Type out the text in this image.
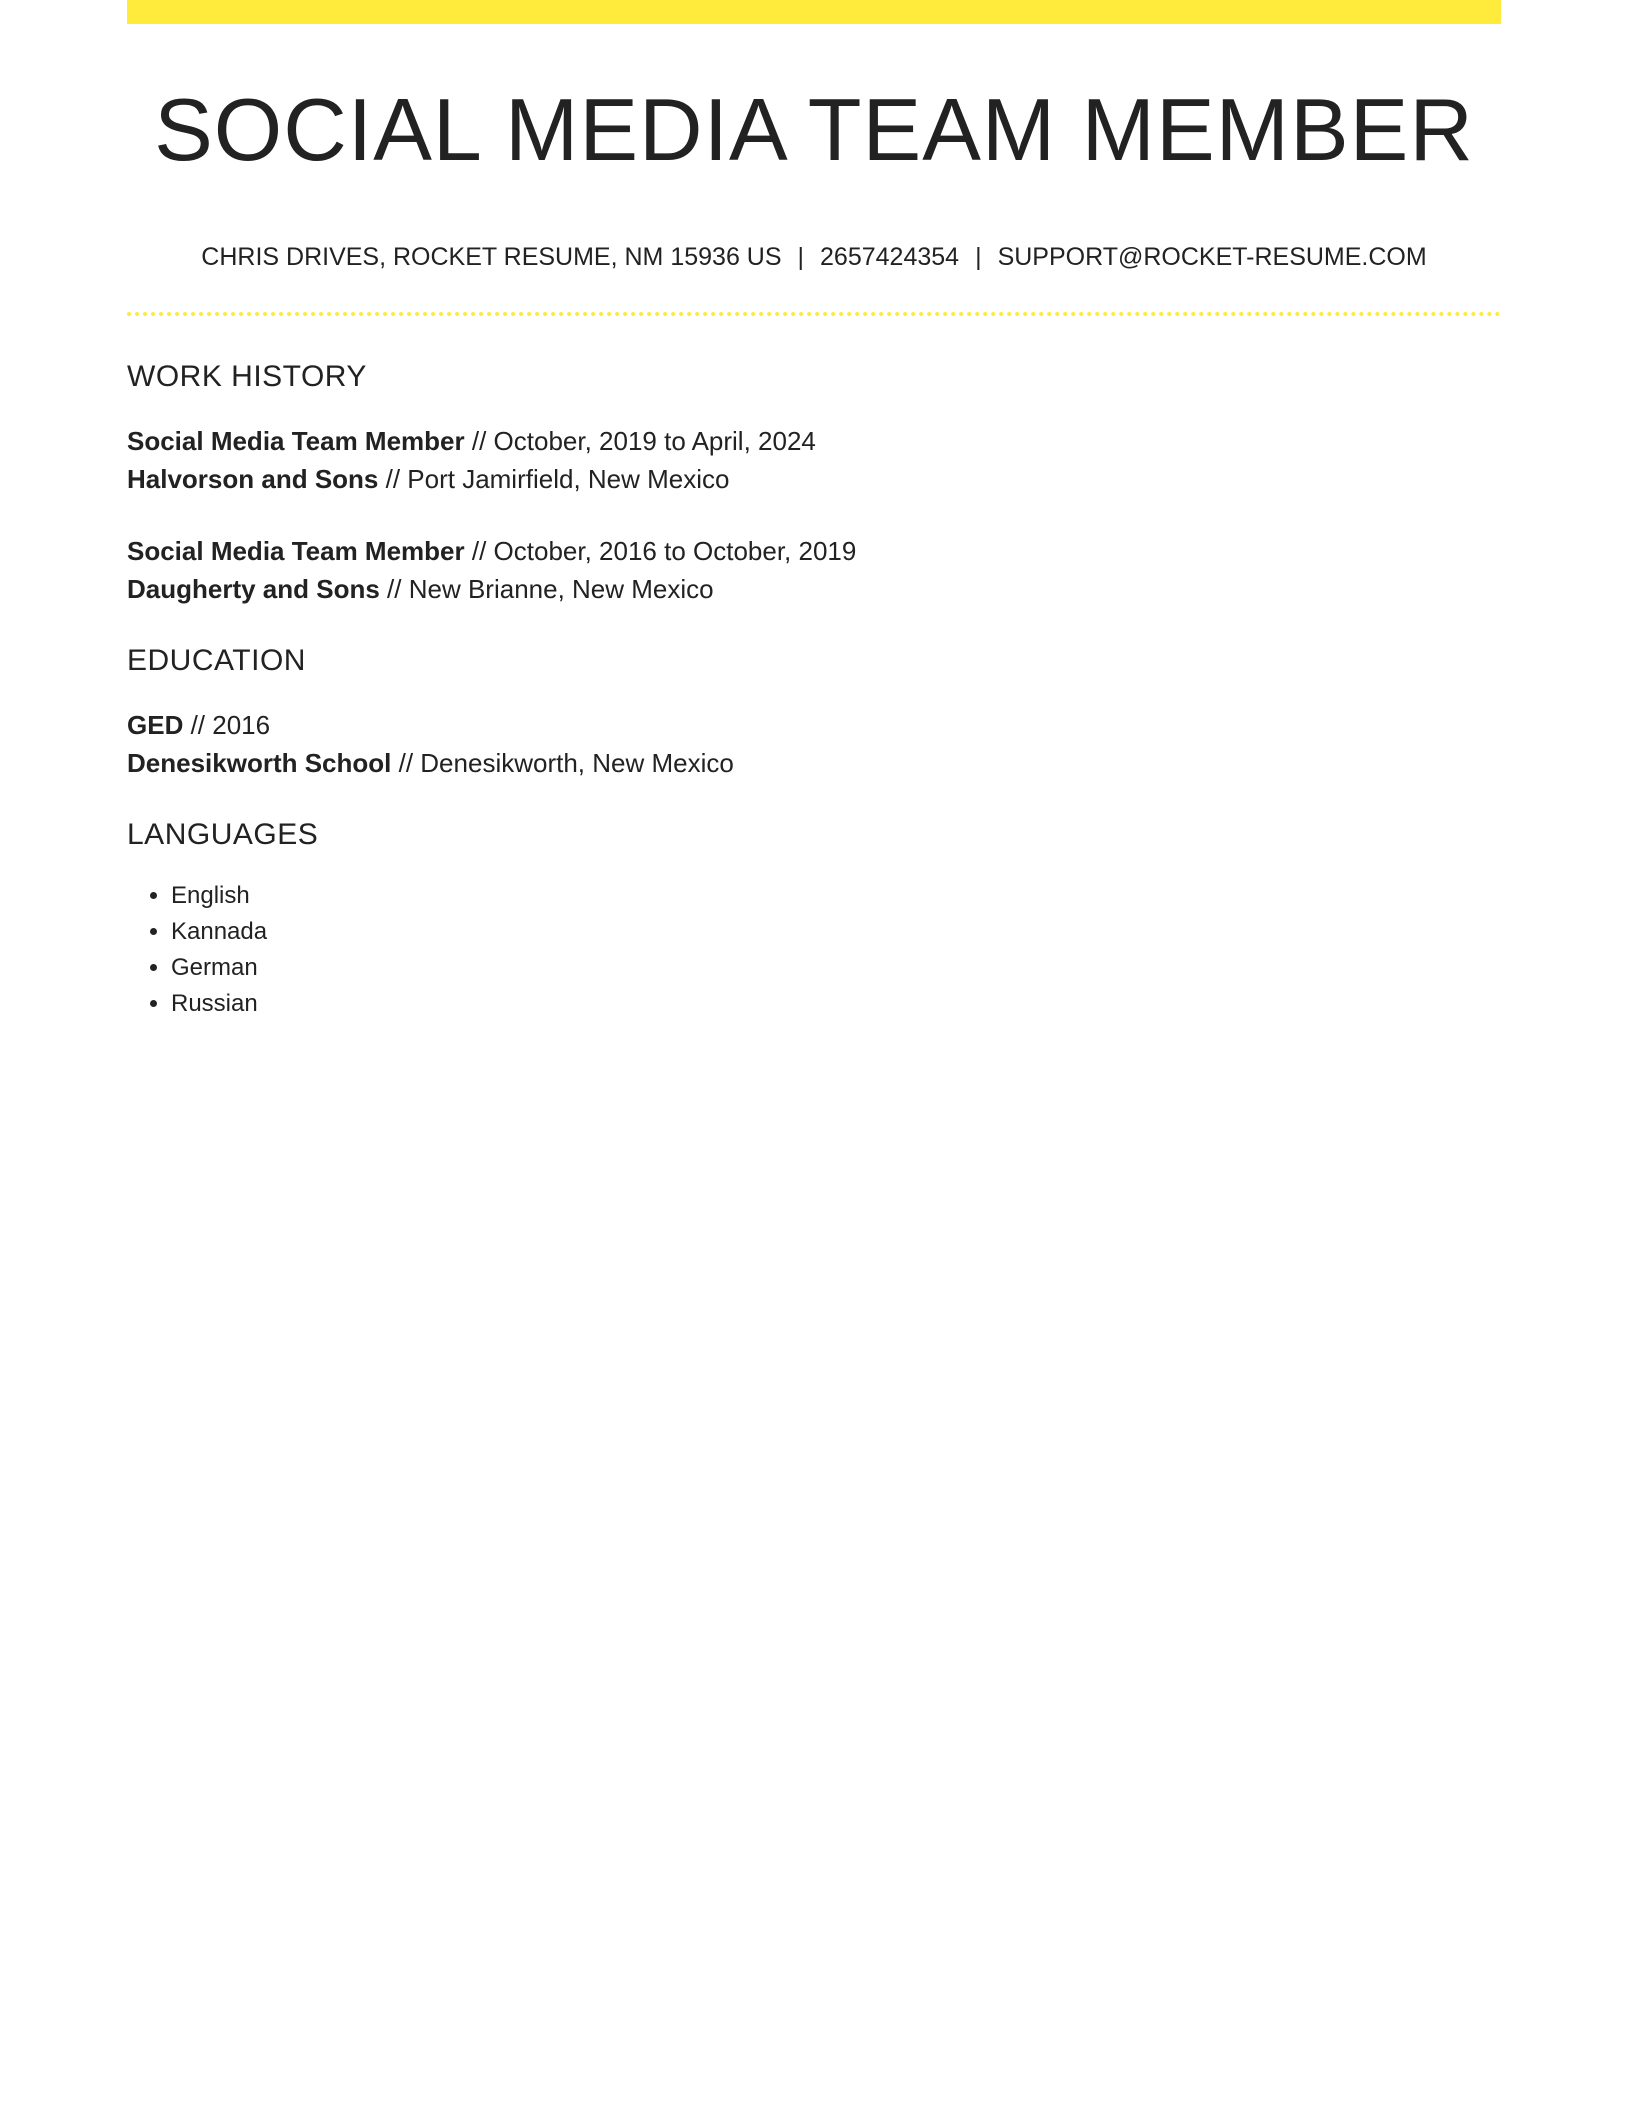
SOCIAL MEDIA TEAM MEMBER
CHRIS DRIVES, ROCKET RESUME, NM 15936 US | 2657424354 | SUPPORT@ROCKET-RESUME.COM
WORK HISTORY
Social Media Team Member // October, 2019 to April, 2024
Halvorson and Sons // Port Jamirfield, New Mexico
Social Media Team Member // October, 2016 to October, 2019
Daugherty and Sons // New Brianne, New Mexico
EDUCATION
GED // 2016
Denesikworth School // Denesikworth, New Mexico
LANGUAGES
• English
• Kannada
• German
• Russian
